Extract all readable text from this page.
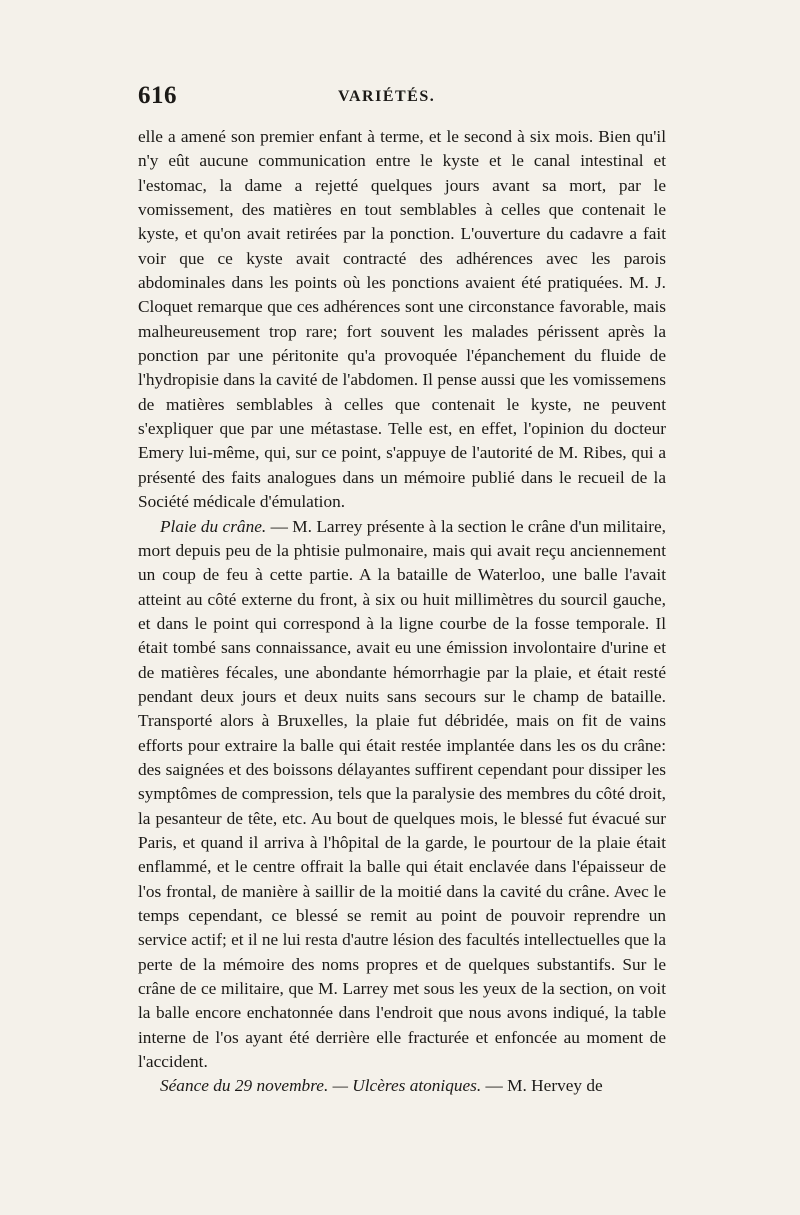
616	VARIÉTÉS.

elle a amené son premier enfant à terme, et le second à six mois. Bien qu'il n'y eût aucune communication entre le kyste et le canal intestinal et l'estomac, la dame a rejetté quelques jours avant sa mort, par le vomissement, des matières en tout semblables à celles que contenait le kyste, et qu'on avait retirées par la ponction. L'ouverture du cadavre a fait voir que ce kyste avait contracté des adhérences avec les parois abdominales dans les points où les ponctions avaient été pratiquées. M. J. Cloquet remarque que ces adhérences sont une circonstance favorable, mais malheureusement trop rare; fort souvent les malades périssent après la ponction par une péritonite qu'a provoquée l'épanchement du fluide de l'hydropisie dans la cavité de l'abdomen. Il pense aussi que les vomissemens de matières semblables à celles que contenait le kyste, ne peuvent s'expliquer que par une métastase. Telle est, en effet, l'opinion du docteur Emery lui-même, qui, sur ce point, s'appuye de l'autorité de M. Ribes, qui a présenté des faits analogues dans un mémoire publié dans le recueil de la Société médicale d'émulation.

Plaie du crâne. — M. Larrey présente à la section le crâne d'un militaire, mort depuis peu de la phtisie pulmonaire, mais qui avait reçu anciennement un coup de feu à cette partie. A la bataille de Waterloo, une balle l'avait atteint au côté externe du front, à six ou huit millimètres du sourcil gauche, et dans le point qui correspond à la ligne courbe de la fosse temporale. Il était tombé sans connaissance, avait eu une émission involontaire d'urine et de matières fécales, une abondante hémorrhagie par la plaie, et était resté pendant deux jours et deux nuits sans secours sur le champ de bataille. Transporté alors à Bruxelles, la plaie fut débridée, mais on fit de vains efforts pour extraire la balle qui était restée implantée dans les os du crâne: des saignées et des boissons délayantes suffirent cependant pour dissiper les symptômes de compression, tels que la paralysie des membres du côté droit, la pesanteur de tête, etc. Au bout de quelques mois, le blessé fut évacué sur Paris, et quand il arriva à l'hôpital de la garde, le pourtour de la plaie était enflammé, et le centre offrait la balle qui était enclavée dans l'épaisseur de l'os frontal, de manière à saillir de la moitié dans la cavité du crâne. Avec le temps cependant, ce blessé se remit au point de pouvoir reprendre un service actif; et il ne lui resta d'autre lésion des facultés intellectuelles que la perte de la mémoire des noms propres et de quelques substantifs. Sur le crâne de ce militaire, que M. Larrey met sous les yeux de la section, on voit la balle encore enchatonnée dans l'endroit que nous avons indiqué, la table interne de l'os ayant été derrière elle fracturée et enfoncée au moment de l'accident.

Séance du 29 novembre. — Ulcères atoniques. — M. Hervey de
